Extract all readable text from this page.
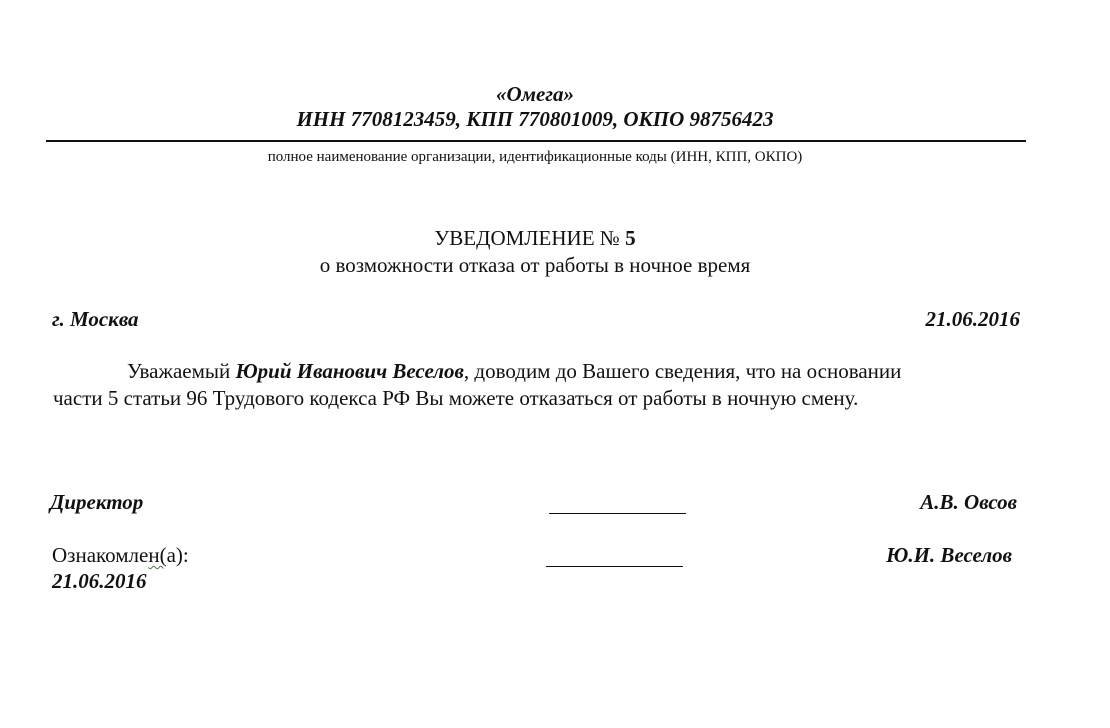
«Омега»
ИНН 7708123459, КПП 770801009, ОКПО 98756423
полное наименование организации, идентификационные коды (ИНН, КПП, ОКПО)
УВЕДОМЛЕНИЕ № 5
о возможности отказа от работы в ночное время
г. Москва	21.06.2016
Уважаемый Юрий Иванович Веселов, доводим до Вашего сведения, что на основании
части 5 статьи 96 Трудового кодекса РФ Вы можете отказаться от работы в ночную смену.
Директор	А.В. Овсов
Ознакомлен(а):	Ю.И. Веселов
21.06.2016
